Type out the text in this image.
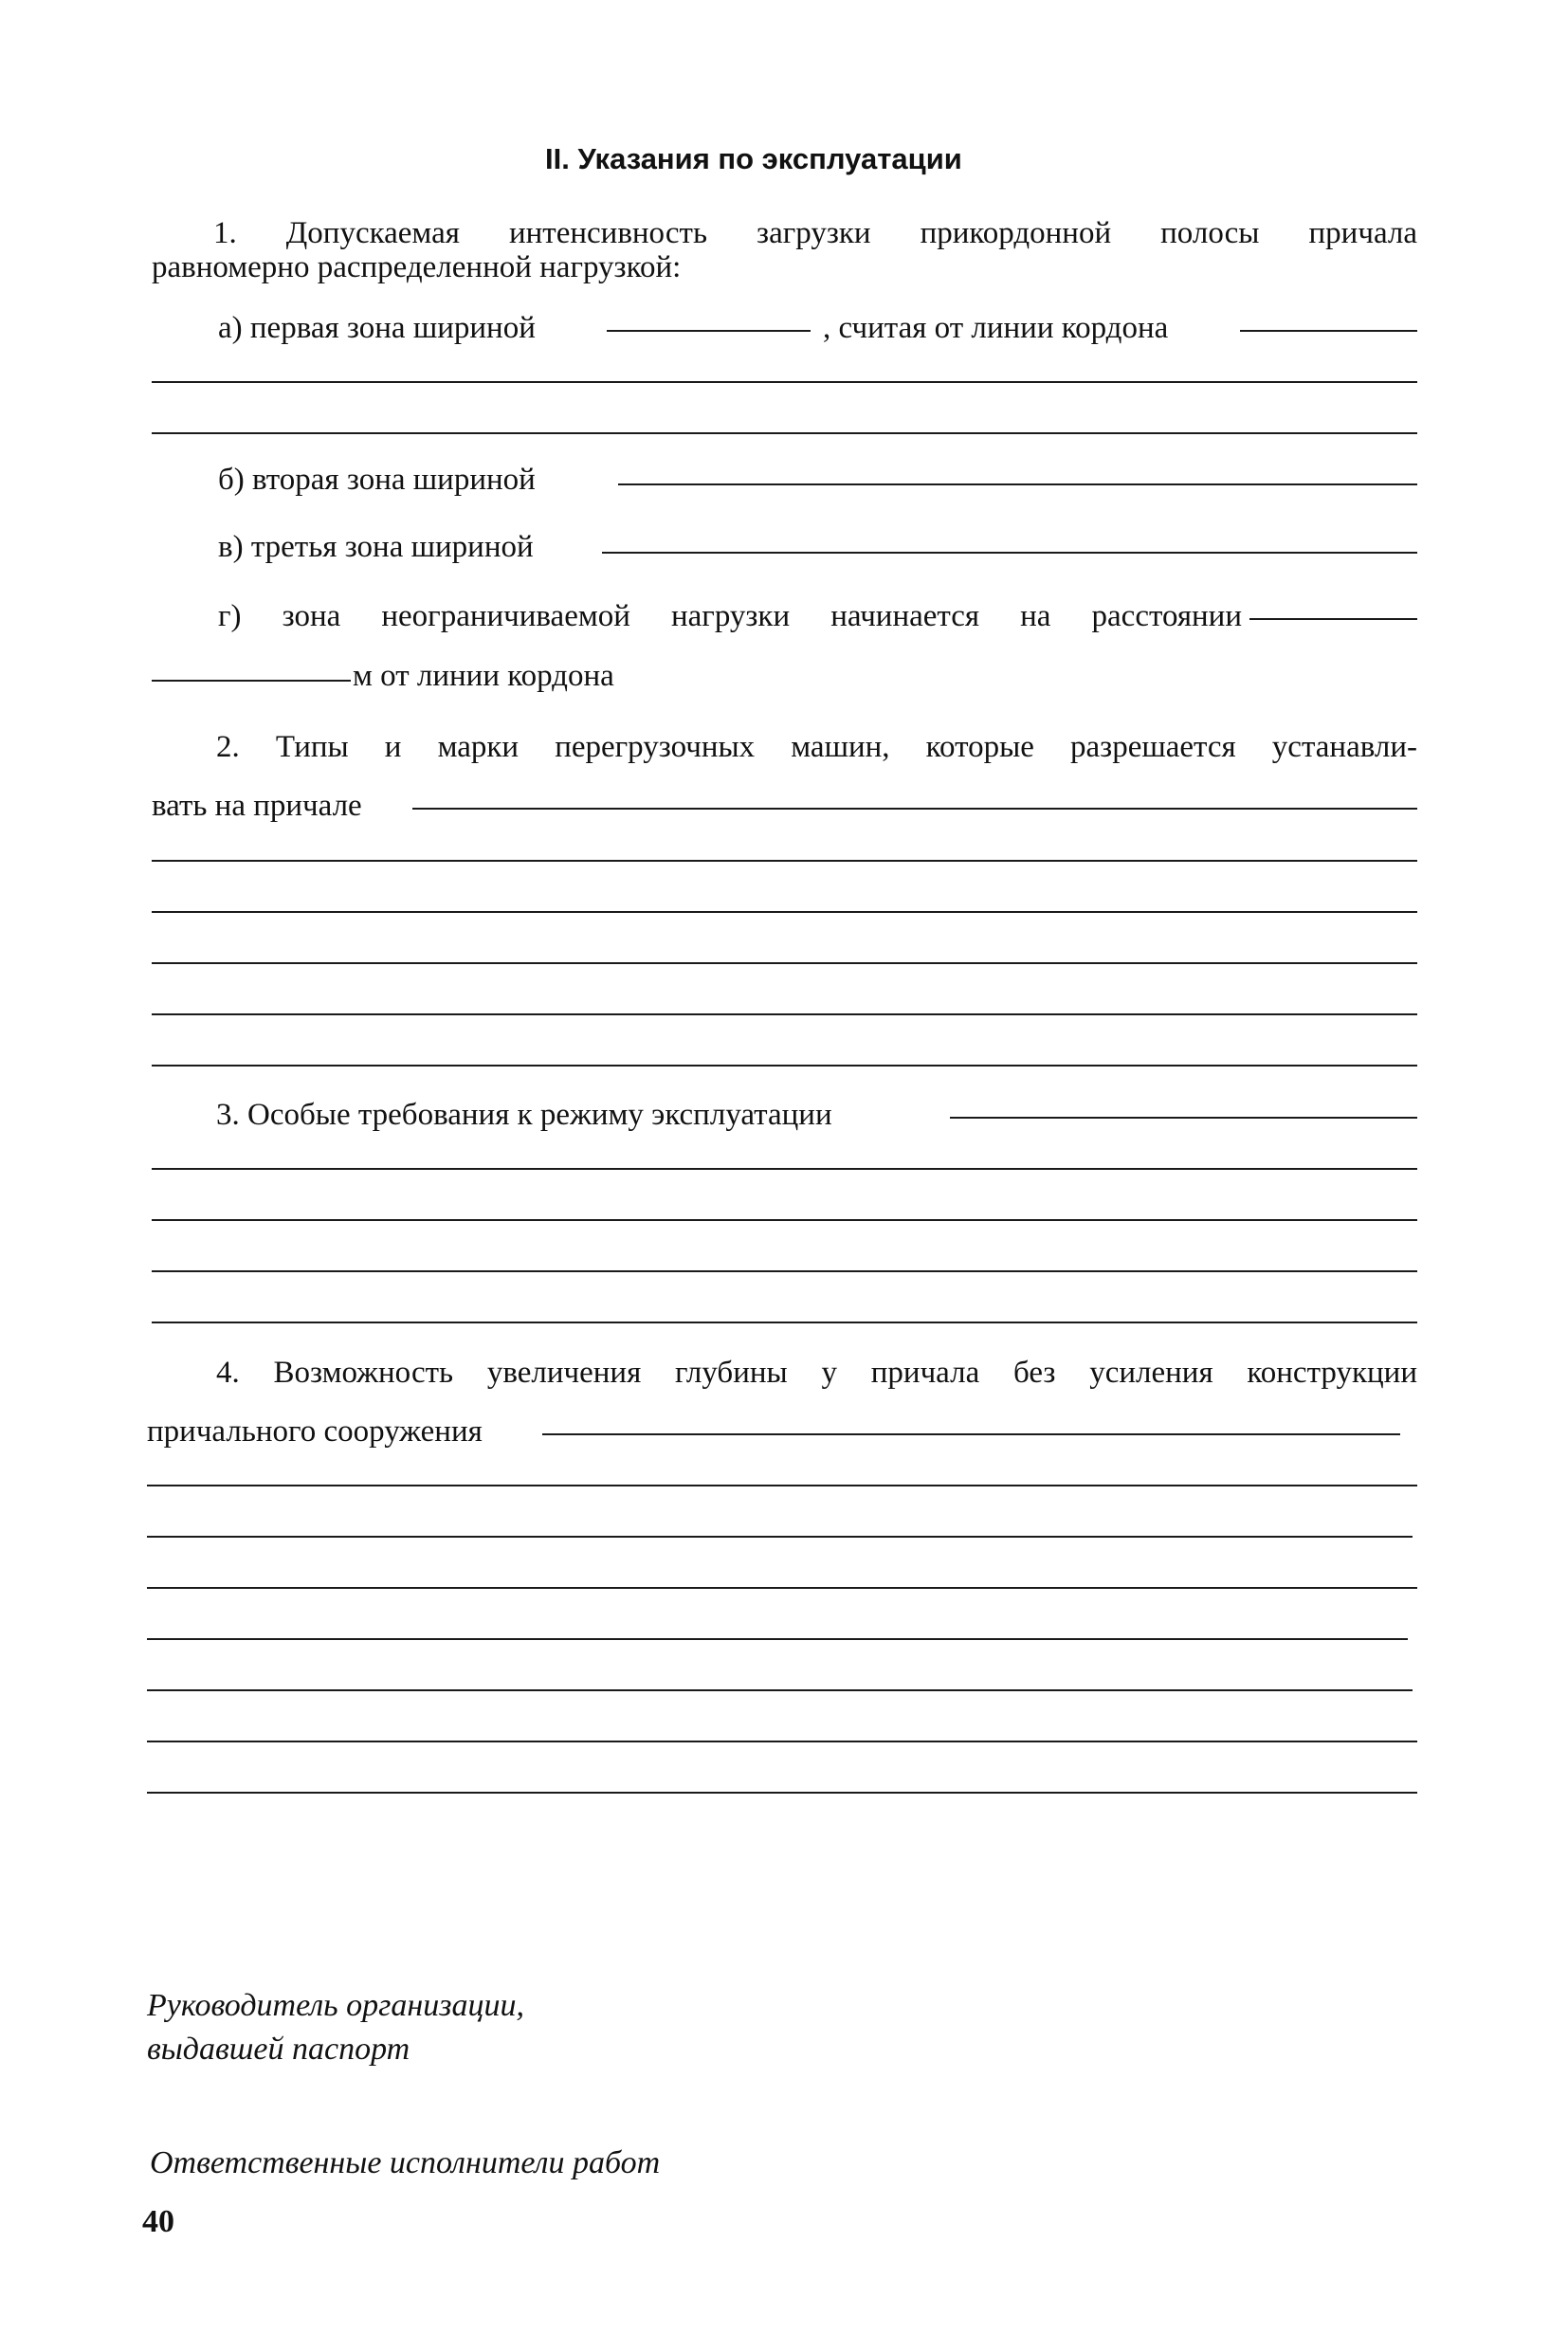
II. Указания по эксплуатации
1. Допускаемая интенсивность загрузки прикордонной полосы причала
равномерно распределенной нагрузкой:
а) первая зона шириной	, считая от линии кордона
б) вторая зона шириной
в) третья зона шириной
г) зона неограничиваемой нагрузки начинается на расстоянии
м от линии кордона
2. Типы и марки перегрузочных машин, которые разрешается устанавли-
вать на причале
3. Особые требования к режиму эксплуатации
4. Возможность увеличения глубины у причала без усиления конструкции
причального сооружения
Руководитель организации,
выдавшей паспорт
Ответственные исполнители работ
40
